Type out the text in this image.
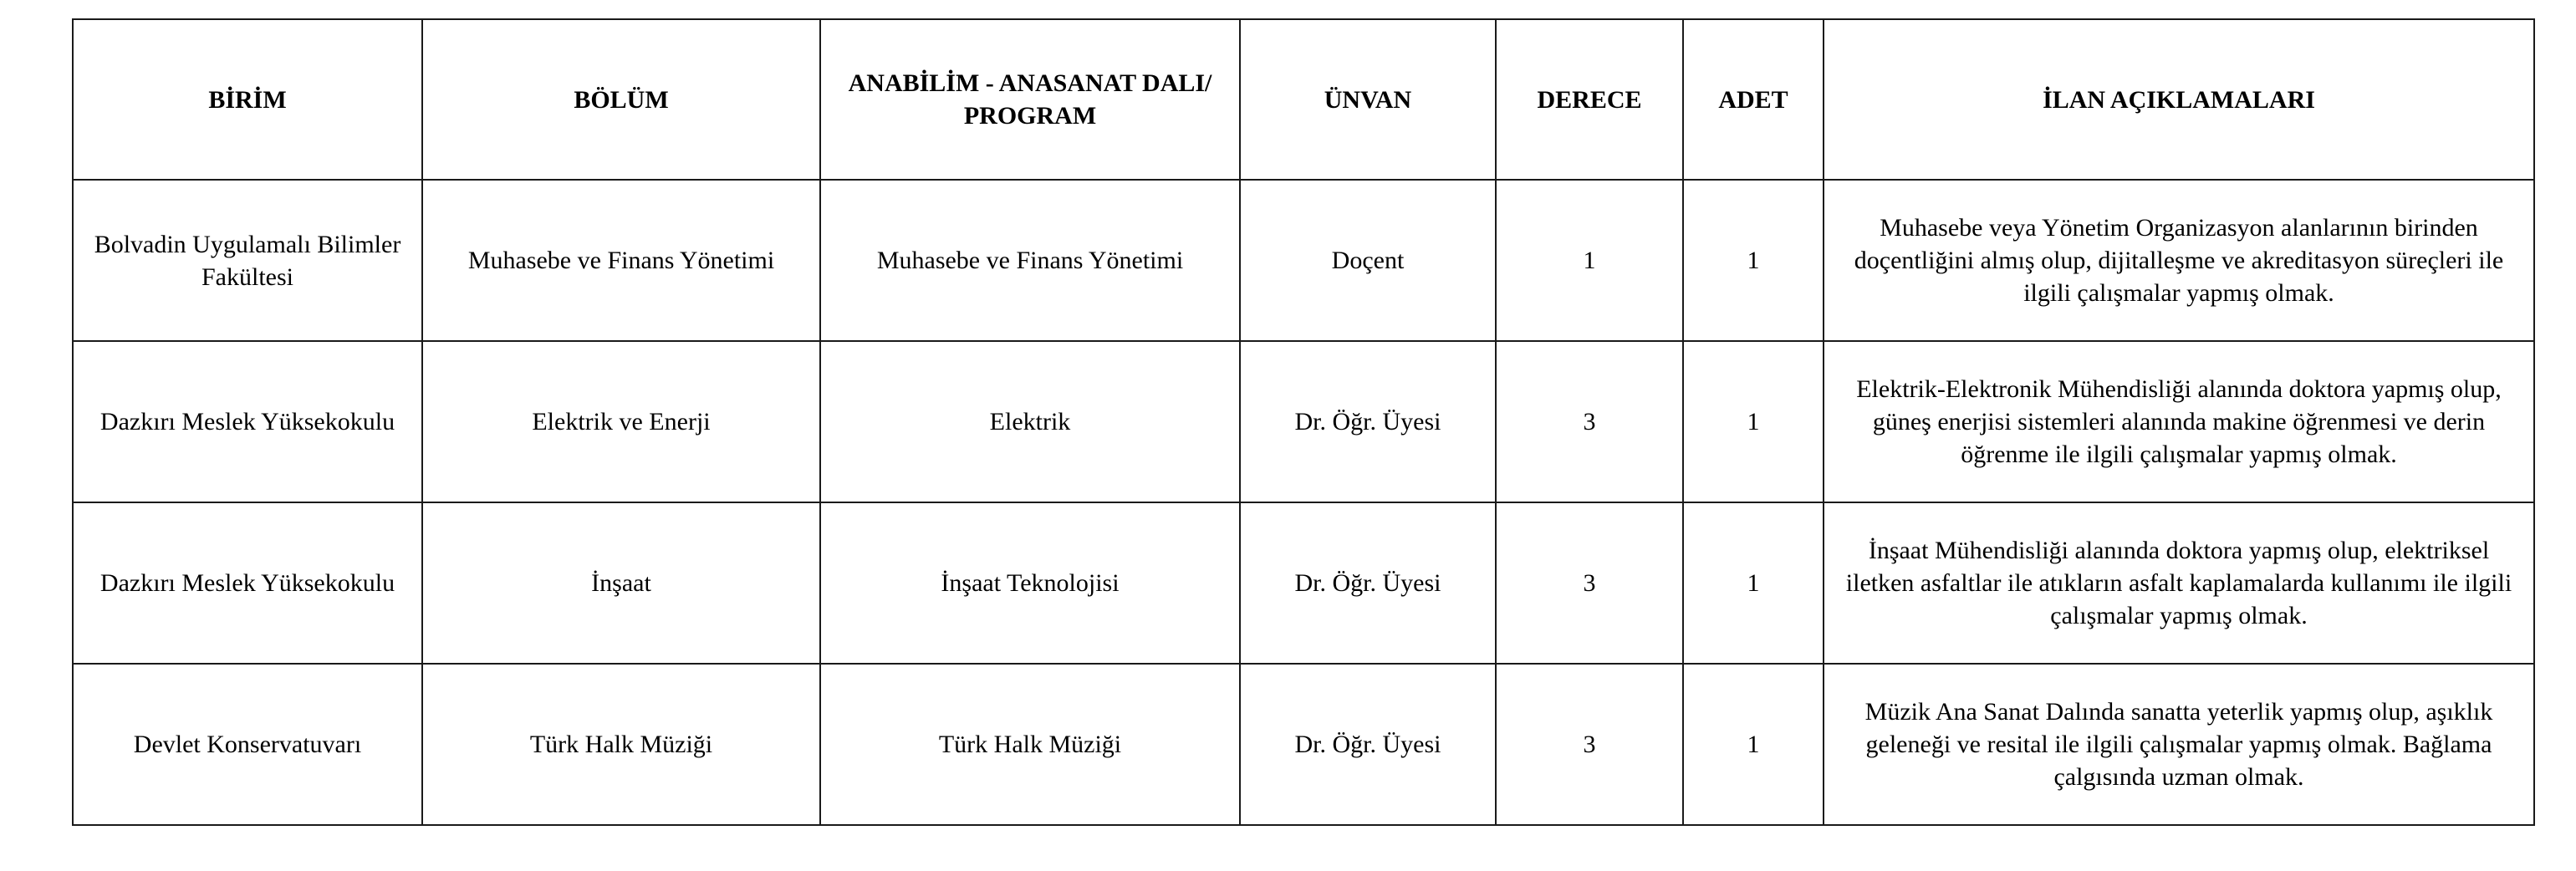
BİRİM	BÖLÜM	ANABİLİM - ANASANAT DALI/ PROGRAM	ÜNVAN	DERECE	ADET	İLAN AÇIKLAMALARI
Bolvadin Uygulamalı Bilimler Fakültesi	Muhasebe ve Finans Yönetimi	Muhasebe ve Finans Yönetimi	Doçent	1	1	Muhasebe veya Yönetim Organizasyon alanlarının birinden doçentliğini almış olup, dijitalleşme ve akreditasyon süreçleri ile ilgili çalışmalar yapmış olmak.
Dazkırı Meslek Yüksekokulu	Elektrik ve Enerji	Elektrik	Dr. Öğr. Üyesi	3	1	Elektrik-Elektronik Mühendisliği alanında doktora yapmış olup, güneş enerjisi sistemleri alanında makine öğrenmesi ve derin öğrenme ile ilgili çalışmalar yapmış olmak.
Dazkırı Meslek Yüksekokulu	İnşaat	İnşaat Teknolojisi	Dr. Öğr. Üyesi	3	1	İnşaat Mühendisliği alanında doktora yapmış olup, elektriksel iletken asfaltlar ile atıkların asfalt kaplamalarda kullanımı ile ilgili çalışmalar yapmış olmak.
Devlet Konservatuvarı	Türk Halk Müziği	Türk Halk Müziği	Dr. Öğr. Üyesi	3	1	Müzik Ana Sanat Dalında sanatta yeterlik yapmış olup, aşıklık geleneği ve resital ile ilgili çalışmalar yapmış olmak. Bağlama çalgısında uzman olmak.
